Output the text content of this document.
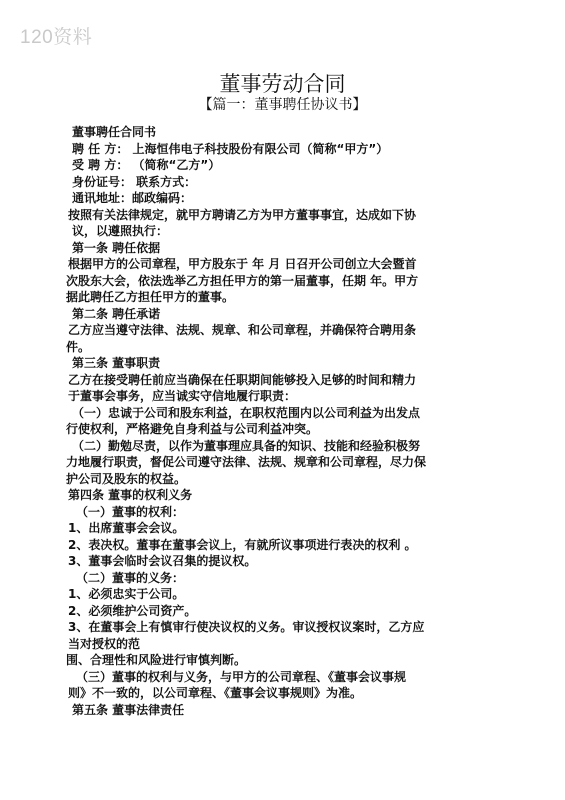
120资料
董事劳动合同
【篇一：董事聘任协议书】
董事聘任合同书
聘 任 方： 上海恒伟电子科技股份有限公司（简称“甲方”）
受 聘 方： （简称“乙方”）
身份证号： 联系方式：
通讯地址：邮政编码：
按照有关法律规定，就甲方聘请乙方为甲方董事事宜，达成如下协
议，以遵照执行：
第一条 聘任依据
根据甲方的公司章程，甲方股东于 年 月 日召开公司创立大会暨首
次股东大会，依法选举乙方担任甲方的第一届董事，任期 年。甲方
据此聘任乙方担任甲方的董事。
第二条 聘任承诺
乙方应当遵守法律、法规、规章、和公司章程，并确保符合聘用条
件。
第三条 董事职责
乙方在接受聘任前应当确保在任职期间能够投入足够的时间和精力
于董事会事务，应当诚实守信地履行职责：
（一）忠诚于公司和股东利益，在职权范围内以公司利益为出发点
行使权利，严格避免自身利益与公司利益冲突。
（二）勤勉尽责，以作为董事理应具备的知识、技能和经验积极努
力地履行职责，督促公司遵守法律、法规、规章和公司章程，尽力保
护公司及股东的权益。
第四条 董事的权利义务
（一）董事的权利：
1、出席董事会会议。
2、表决权。董事在董事会议上，有就所议事项进行表决的权利 。
3、董事会临时会议召集的提议权。
（二）董事的义务：
1、必须忠实于公司。
2、必须维护公司资产。
3、在董事会上有慎审行使决议权的义务。审议授权议案时，乙方应
当对授权的范
围、合理性和风险进行审慎判断。
（三）董事的权利与义务，与甲方的公司章程、《董事会议事规
则》不一致的，以公司章程、《董事会议事规则》为准。
第五条 董事法律责任
